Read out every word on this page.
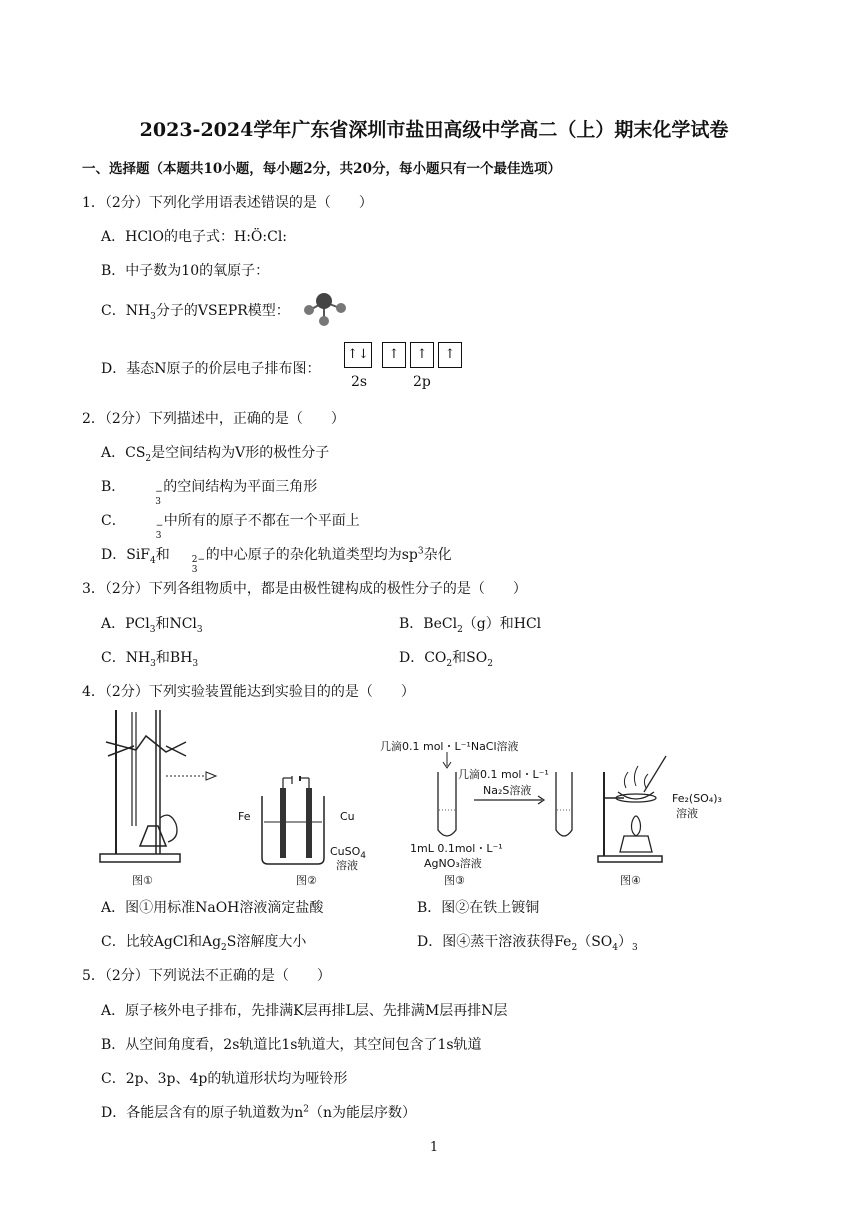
2023-2024学年广东省深圳市盐田高级中学高二（上）期末化学试卷
一、选择题（本题共10小题，每小题2分，共20分，每小题只有一个最佳选项）
1．（2分）下列化学用语表述错误的是（　　）
A．HClO的电子式：H:Ö:Cl:
B．中子数为10的氧原子：
C．$NH_3$分子的VSEPR模型：
D．基态N原子的价层电子排布图：
↑↓	↑	↑	↑
2s	2p
2．（2分）下列描述中，正确的是（　　）
A．$CS_2$是空间结构为V形的极性分子
B．	−
3
的空间结构为平面三角形
C．	−
3
中所有的原子不都在一个平面上
D．SiF$_4$和 2−
3
的中心原子的杂化轨道类型均为$sp^3$杂化
3．（2分）下列各组物质中，都是由极性键构成的极性分子的是（　　）
A．PCl$_3$和NCl$_3$	B．BeCl$_2$（g）和HCl
C．$NH_3$和$BH_3$	D．$CO_2$和$SO_2$
4．（2分）下列实验装置能达到实验目的的是（　　）
图①
Fe	Cu
CuSO$_4$
溶液
图②
几滴0.1 mol・L⁻¹NaCl溶液
几滴0.1 mol・L⁻¹
Na₂S溶液
1mL 0.1mol・L⁻¹
AgNO₃溶液
图③
Fe₂(SO₄)₃
溶液
图④
A．图①用标准NaOH溶液滴定盐酸	B．图②在铁上镀铜
C．比较AgCl和$Ag_2S$溶解度大小	D．图④蒸干溶液获得$Fe_2(SO_4)_3$
5．（2分）下列说法不正确的是（　　）
A．原子核外电子排布，先排满K层再排L层、先排满M层再排N层
B．从空间角度看，2s轨道比1s轨道大，其空间包含了1s轨道
C．2p、3p、4p的轨道形状均为哑铃形
D．各能层含有的原子轨道数为$n^2(n$为能层序数）
1
